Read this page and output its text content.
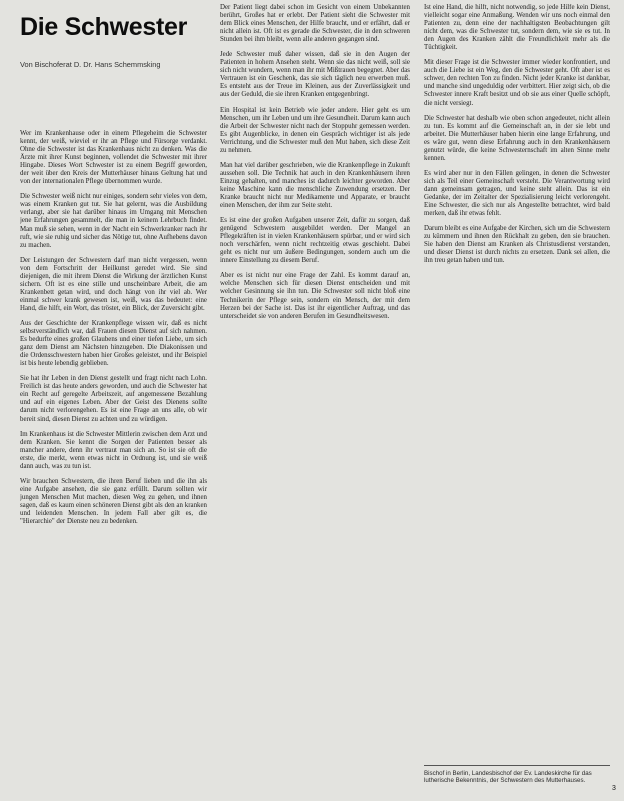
Die Schwester
Von Bischoferat D. Dr. Hans Schemmsking

Wer im Krankenhause oder in einem Pflegeheim die Schwester kennt, der weiß, wieviel er ihr an Pflege und Fürsorge verdankt. Ohne die Schwester ist das Krankenhaus nicht zu denken. Was die Ärzte mit ihrer Kunst beginnen, vollendet die Schwester mit ihrer Hingabe. Dieses Wort Schwester ist zu einem Begriff geworden, der weit über den Kreis der Mutterhäuser hinaus Geltung hat und von der internationalen Pflege übernommen wurde.

Die Schwester weiß nicht nur einiges, sondern sehr vieles von dem, was einem Kranken gut tut. Sie hat gelernt, was die Ausbildung verlangt, aber sie hat darüber hinaus im Umgang mit Menschen jene Erfahrungen gesammelt, die man in keinem Lehrbuch findet. Man muß sie sehen, wenn in der Nacht ein Schwerkranker nach ihr ruft, wie sie ruhig und sicher das Nötige tut, ohne Aufhebens davon zu machen.

Der Leistungen der Schwestern darf man nicht vergessen, wenn von dem Fortschritt der Heilkunst geredet wird. Sie sind diejenigen, die mit ihrem Dienst die Wirkung der ärztlichen Kunst sichern. Oft ist es eine stille und unscheinbare Arbeit, die am Krankenbett getan wird, und doch hängt von ihr viel ab. Wer einmal schwer krank gewesen ist, weiß, was das bedeutet: eine Hand, die hilft, ein Wort, das tröstet, ein Blick, der Zuversicht gibt.

Aus der Geschichte der Krankenpflege wissen wir, daß es nicht selbstverständlich war, daß Frauen diesen Dienst auf sich nahmen. Es bedurfte eines großen Glaubens und einer tiefen Liebe, um sich ganz dem Dienst am Nächsten hinzugeben. Die Diakonissen und die Ordensschwestern haben hier Großes geleistet, und ihr Beispiel ist bis heute lebendig geblieben.

Sie hat ihr Leben in den Dienst gestellt und fragt nicht nach Lohn. Freilich ist das heute anders geworden, und auch die Schwester hat ein Recht auf geregelte Arbeitszeit, auf angemessene Bezahlung und auf ein eigenes Leben. Aber der Geist des Dienens sollte darum nicht verlorengehen. Es ist eine Frage an uns alle, ob wir bereit sind, diesen Dienst zu achten und zu würdigen.

Im Krankenhaus ist die Schwester Mittlerin zwischen dem Arzt und dem Kranken. Sie kennt die Sorgen der Patienten besser als mancher andere, denn ihr vertraut man sich an. So ist sie oft die erste, die merkt, wenn etwas nicht in Ordnung ist, und sie weiß dann auch, was zu tun ist.

Wir brauchen Schwestern, die ihren Beruf lieben und die ihn als eine Aufgabe ansehen, die sie ganz erfüllt. Darum sollten wir jungen Menschen Mut machen, diesen Weg zu gehen, und ihnen sagen, daß es kaum einen schöneren Dienst gibt als den an kranken und leidenden Menschen. In jedem Fall aber gilt es, die "Hierarchie" der Dienste neu zu bedenken.

Der Patient liegt dabei schon im Gesicht von einem Unbekannten berührt, Großes hat er erlebt. Der Patient sieht die Schwester mit dem Blick eines Menschen, der Hilfe braucht, und er erfährt, daß er nicht allein ist. Oft ist es gerade die Schwester, die in den schweren Stunden bei ihm bleibt, wenn alle anderen gegangen sind.

Jede Schwester muß daher wissen, daß sie in den Augen der Patienten in hohem Ansehen steht. Wenn sie das nicht weiß, soll sie sich nicht wundern, wenn man ihr mit Mißtrauen begegnet. Aber das Vertrauen ist ein Geschenk, das sie sich täglich neu erwerben muß. Es entsteht aus der Treue im Kleinen, aus der Zuverlässigkeit und aus der Geduld, die sie ihren Kranken entgegenbringt.

Ein Hospital ist kein Betrieb wie jeder andere. Hier geht es um Menschen, um ihr Leben und um ihre Gesundheit. Darum kann auch die Arbeit der Schwester nicht nach der Stoppuhr gemessen werden. Es gibt Augenblicke, in denen ein Gespräch wichtiger ist als jede Verrichtung, und die Schwester muß den Mut haben, sich diese Zeit zu nehmen.

Man hat viel darüber geschrieben, wie die Krankenpflege in Zukunft aussehen soll. Die Technik hat auch in den Krankenhäusern ihren Einzug gehalten, und manches ist dadurch leichter geworden. Aber keine Maschine kann die menschliche Zuwendung ersetzen. Der Kranke braucht nicht nur Medikamente und Apparate, er braucht einen Menschen, der ihm zur Seite steht.

Es ist eine der großen Aufgaben unserer Zeit, dafür zu sorgen, daß genügend Schwestern ausgebildet werden. Der Mangel an Pflegekräften ist in vielen Krankenhäusern spürbar, und er wird sich noch verschärfen, wenn nicht rechtzeitig etwas geschieht. Dabei geht es nicht nur um äußere Bedingungen, sondern auch um die innere Einstellung zu diesem Beruf.

Aber es ist nicht nur eine Frage der Zahl. Es kommt darauf an, welche Menschen sich für diesen Dienst entscheiden und mit welcher Gesinnung sie ihn tun. Die Schwester soll nicht bloß eine Technikerin der Pflege sein, sondern ein Mensch, der mit dem Herzen bei der Sache ist. Das ist ihr eigentlicher Auftrag, und das unterscheidet sie von anderen Berufen im Gesundheitswesen.

Ist eine Hand, die hilft, nicht notwendig, so jede Hilfe kein Dienst, vielleicht sogar eine Anmaßung. Wenden wir uns noch einmal den Patienten zu, denn eine der nachhaltigsten Beobachtungen gilt nicht dem, was die Schwester tut, sondern dem, wie sie es tut. In den Augen des Kranken zählt die Freundlichkeit mehr als die Tüchtigkeit.

Mit dieser Frage ist die Schwester immer wieder konfrontiert, und auch die Liebe ist ein Weg, den die Schwester geht. Oft aber ist es schwer, den rechten Ton zu finden. Nicht jeder Kranke ist dankbar, und manche sind ungeduldig oder verbittert. Hier zeigt sich, ob die Schwester innere Kraft besitzt und ob sie aus einer Quelle schöpft, die nicht versiegt.

Die Schwester hat deshalb wie oben schon angedeutet, nicht allein zu tun. Es kommt auf die Gemeinschaft an, in der sie lebt und arbeitet. Die Mutterhäuser haben hierin eine lange Erfahrung, und es wäre gut, wenn diese Erfahrung auch in den Krankenhäusern genutzt würde, die keine Schwesternschaft im alten Sinne mehr kennen.

Es wird aber nur in den Fällen gelingen, in denen die Schwester sich als Teil einer Gemeinschaft versteht. Die Verantwortung wird dann gemeinsam getragen, und keine steht allein. Das ist ein Gedanke, der im Zeitalter der Spezialisierung leicht verlorengeht. Eine Schwester, die sich nur als Angestellte betrachtet, wird bald merken, daß ihr etwas fehlt.

Darum bleibt es eine Aufgabe der Kirchen, sich um die Schwestern zu kümmern und ihnen den Rückhalt zu geben, den sie brauchen. Sie haben den Dienst am Kranken als Christusdienst verstanden, und dieser Dienst ist durch nichts zu ersetzen. Dank sei allen, die ihn treu getan haben und tun.

Bischof in Berlin, Landesbischof der Ev. Landeskirche für das lutherische Bekenntnis, der Schwestern des Mutterhauses.
3
